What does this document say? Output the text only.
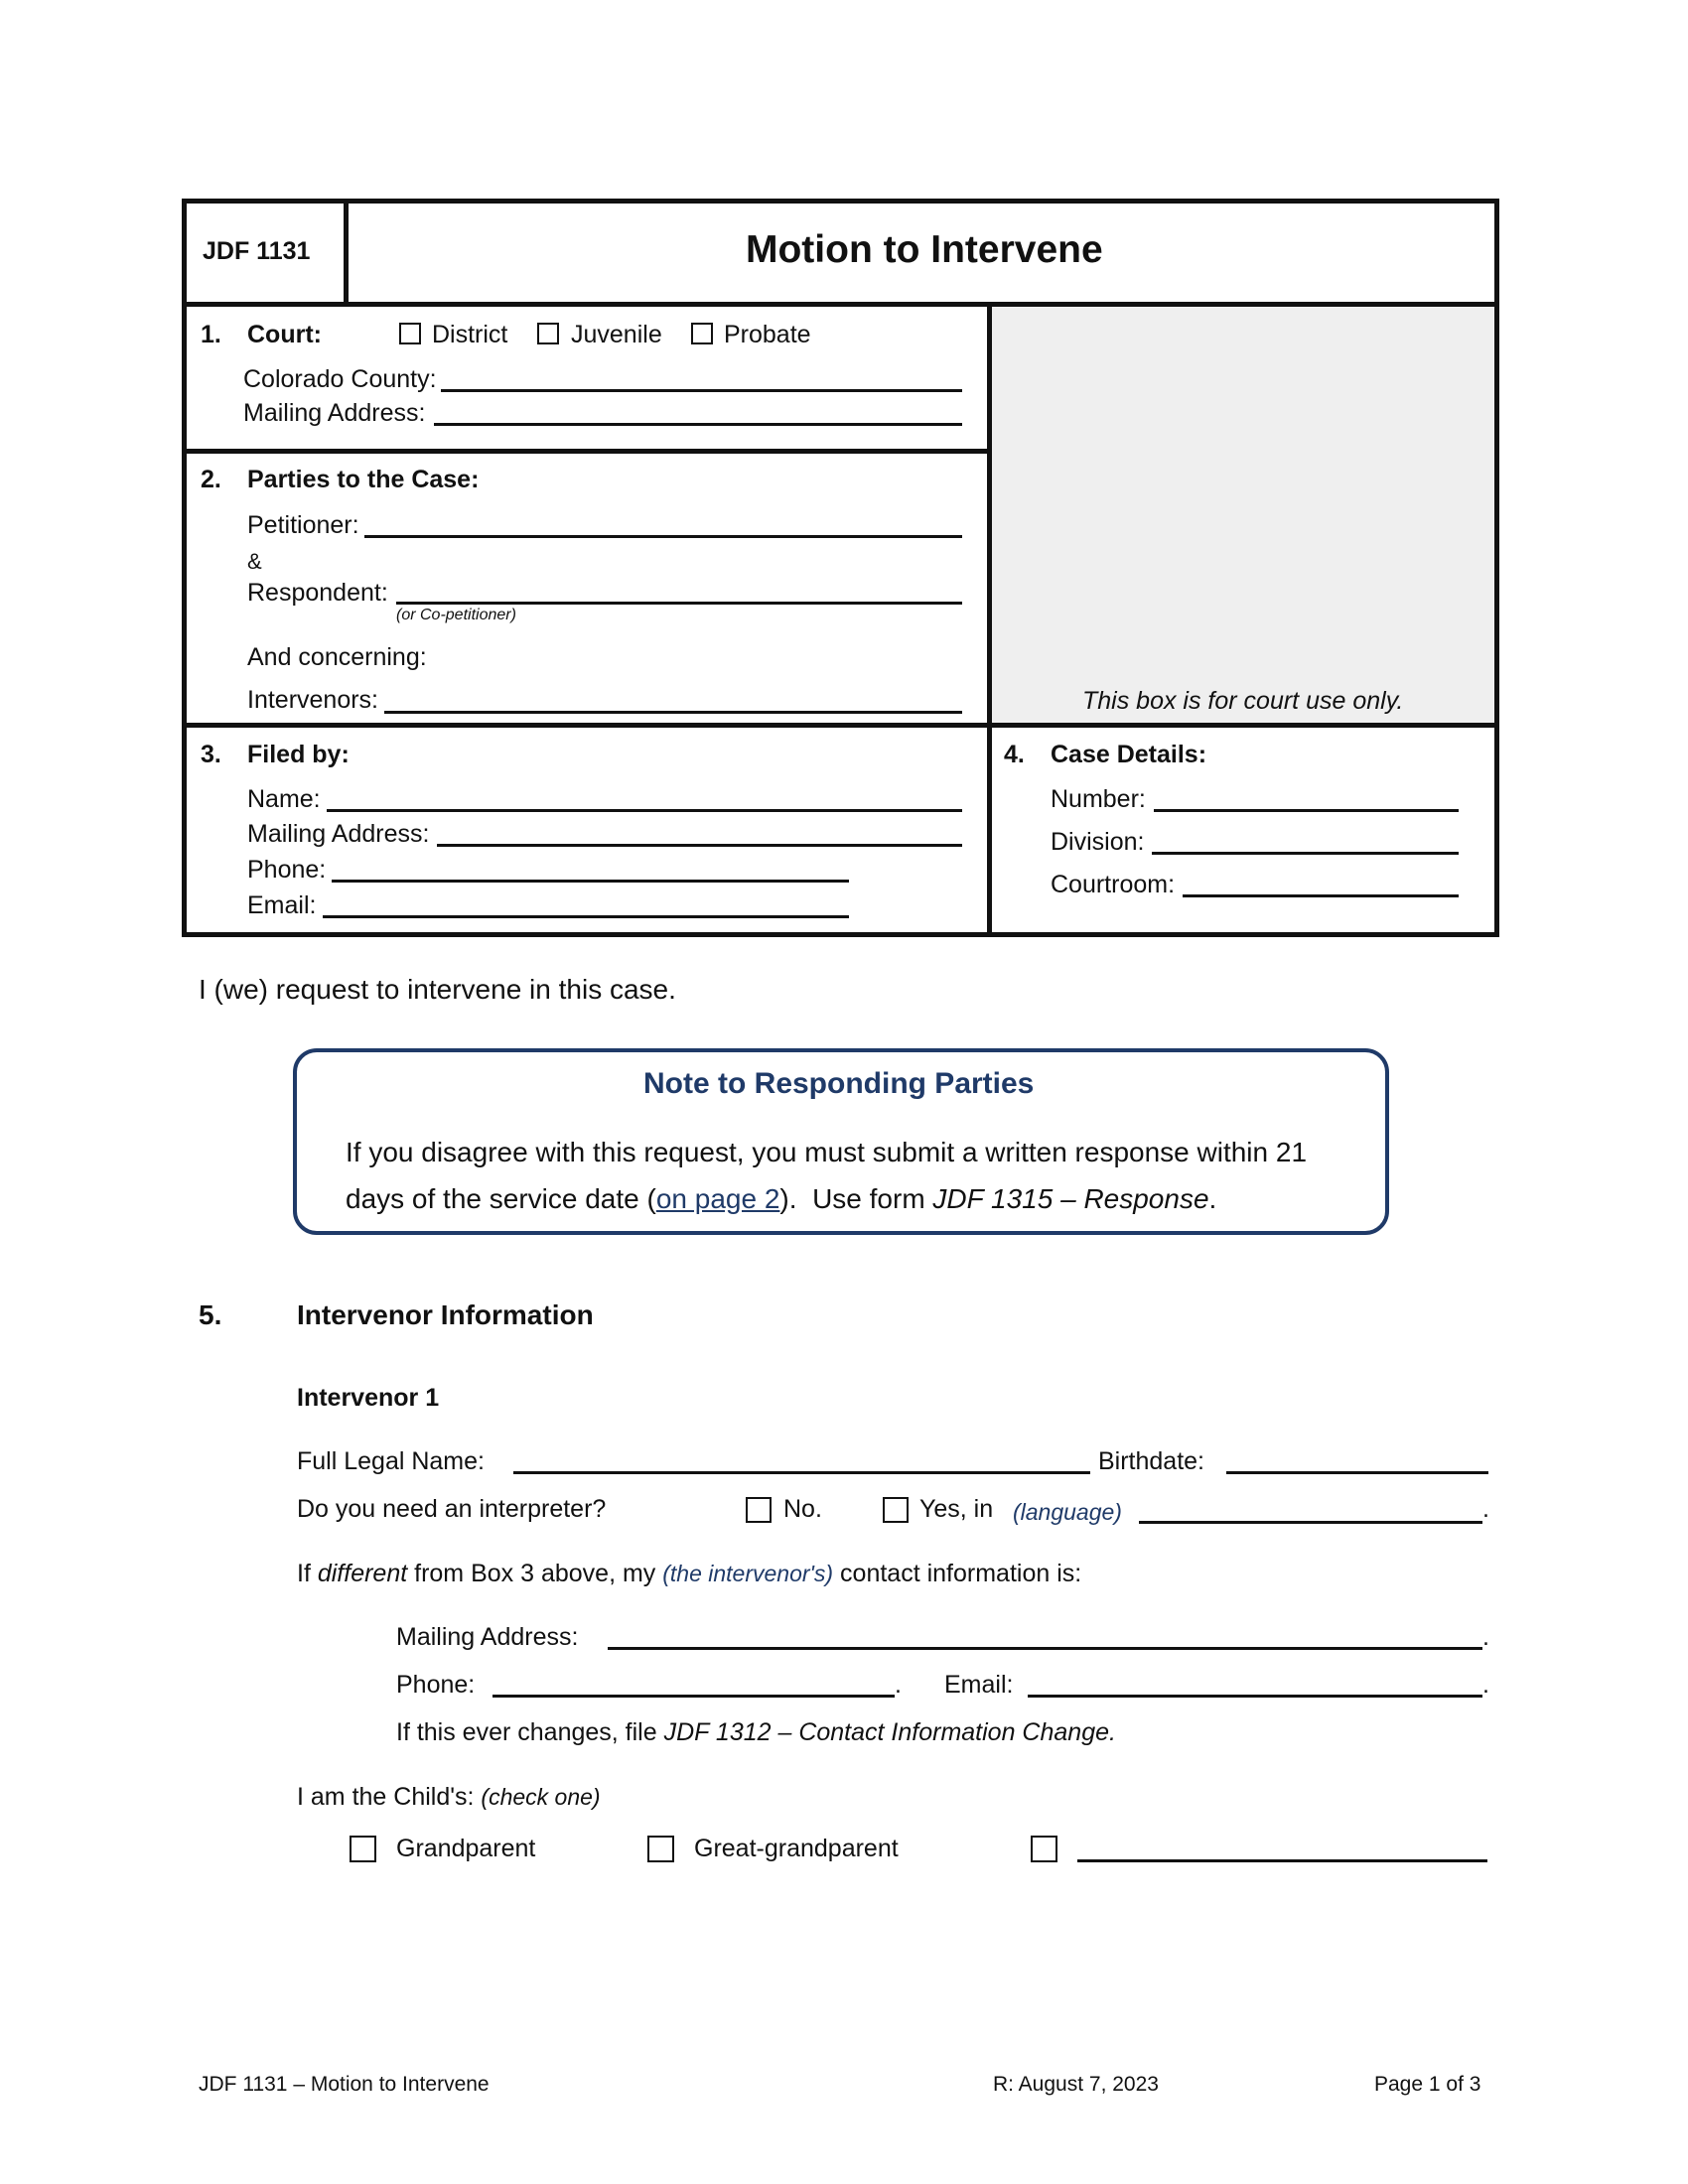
JDF 1131	Motion to Intervene
1. Court:	District	Juvenile Probate
Colorado County:
Mailing Address:
2. Parties to the Case:
Petitioner:
&
Respondent:
(or Co-petitioner)
And concerning:
Intervenors:	This box is for court use only.
3. Filed by:
Name:
Mailing Address:
Phone:
Email:
4. Case Details:
Number:
Division:
Courtroom:
I (we) request to intervene in this case.
Note to Responding Parties
If you disagree with this request, you must submit a written response within 21
days of the service date (on page 2).  Use form JDF 1315 – Response.
5.	Intervenor Information
Intervenor 1
Full Legal Name:	Birthdate:
Do you need an interpreter?	No.	Yes, in (language)	.
If different from Box 3 above, my (the intervenor's) contact information is:
Mailing Address:	.
Phone:	. Email:	.
If this ever changes, file JDF 1312 – Contact Information Change.
I am the Child's: (check one)
Grandparent	Great-grandparent
JDF 1131 – Motion to Intervene	R: August 7, 2023	Page 1 of 3
